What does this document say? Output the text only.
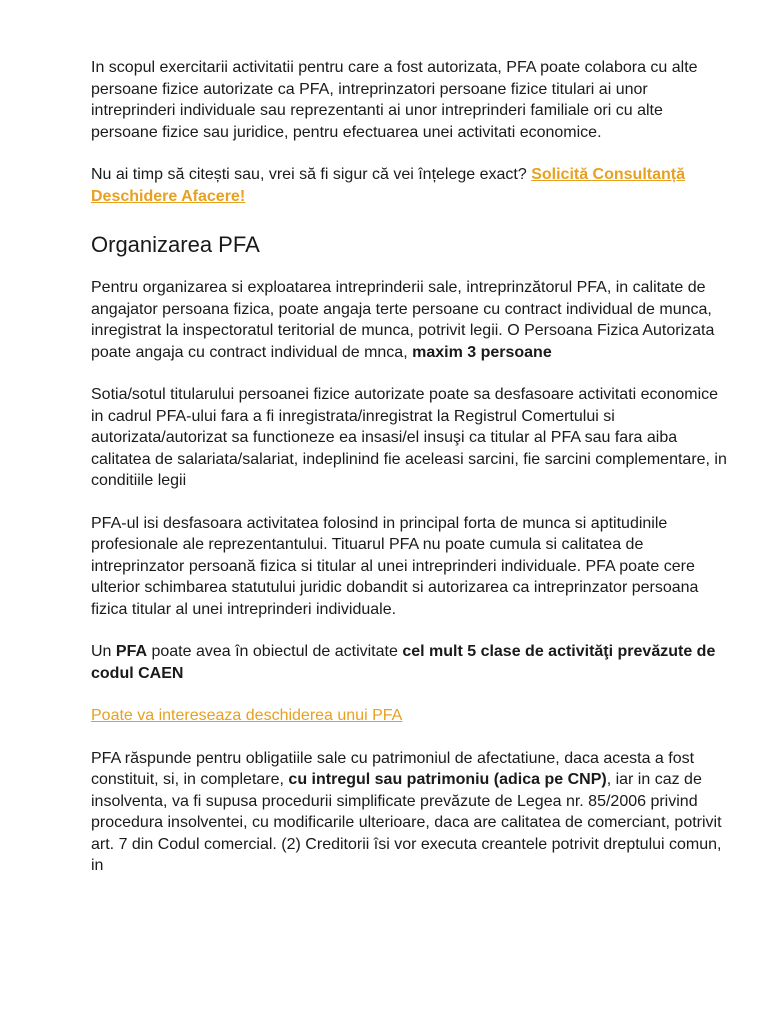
In scopul exercitarii activitatii pentru care a fost autorizata, PFA poate colabora cu alte persoane fizice autorizate ca PFA, intreprinzatori persoane fizice titulari ai unor intreprinderi individuale sau reprezentanti ai unor intreprinderi familiale ori cu alte persoane fizice sau juridice, pentru efectuarea unei activitati economice.

Nu ai timp să citești sau, vrei să fi sigur că vei înțelege exact? Solicită Consultanță Deschidere Afacere!

Organizarea PFA

Pentru organizarea si exploatarea intreprinderii sale, intreprinzătorul PFA, in calitate de angajator persoana fizica, poate angaja terte persoane cu contract individual de munca, inregistrat la inspectoratul teritorial de munca, potrivit legii. O Persoana Fizica Autorizata poate angaja cu contract individual de mnca, maxim 3 persoane

Sotia/sotul titularului persoanei fizice autorizate poate sa desfasoare activitati economice in cadrul PFA-ului fara a fi inregistrata/inregistrat la Registrul Comertului si autorizata/autorizat sa functioneze ea insasi/el insuşi ca titular al PFA sau fara aiba calitatea de salariata/salariat, indeplinind fie aceleasi sarcini, fie sarcini complementare, in conditiile legii

PFA-ul isi desfasoara activitatea folosind in principal forta de munca si aptitudinile profesionale ale reprezentantului. Tituarul PFA nu poate cumula si calitatea de intreprinzator persoană fizica si titular al unei intreprinderi individuale. PFA poate cere ulterior schimbarea statutului juridic dobandit si autorizarea ca intreprinzator persoana fizica titular al unei intreprinderi individuale.

Un PFA poate avea în obiectul de activitate cel mult 5 clase de activităţi prevăzute de codul CAEN

Poate va intereseaza deschiderea unui PFA

PFA răspunde pentru obligatiile sale cu patrimoniul de afectatiune, daca acesta a fost constituit, si, in completare, cu intregul sau patrimoniu (adica pe CNP), iar in caz de insolventa, va fi supusa procedurii simplificate prevăzute de Legea nr. 85/2006 privind procedura insolventei, cu modificarile ulterioare, daca are calitatea de comerciant, potrivit art. 7 din Codul comercial. (2) Creditorii îsi vor executa creantele potrivit dreptului comun, in
